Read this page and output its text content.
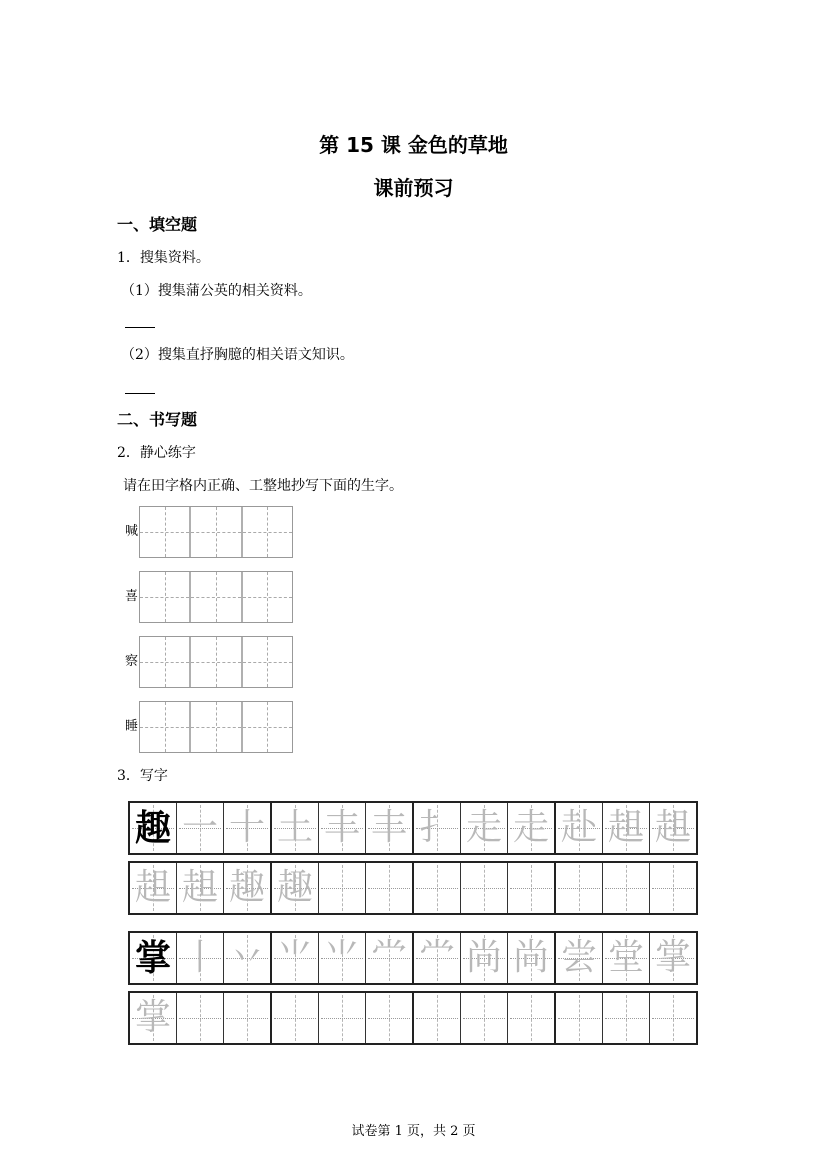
第 15 课 金色的草地
课前预习
一、填空题
1．搜集资料。
（1）搜集蒲公英的相关资料。
（2）搜集直抒胸臆的相关语文知识。
二、书写题
2．静心练字
请在田字格内正确、工整地抄写下面的生字。
喊
喜
察
睡
3．写字
趣 一 十 土 丰 丰 扌 走 走 赴 趄 趄
趄 趄 趣 趣
掌 丨 丷 ⺌ ⺌ 龸 龸 尚 尚 尝 堂 掌
掌
试卷第 1 页，共 2 页
